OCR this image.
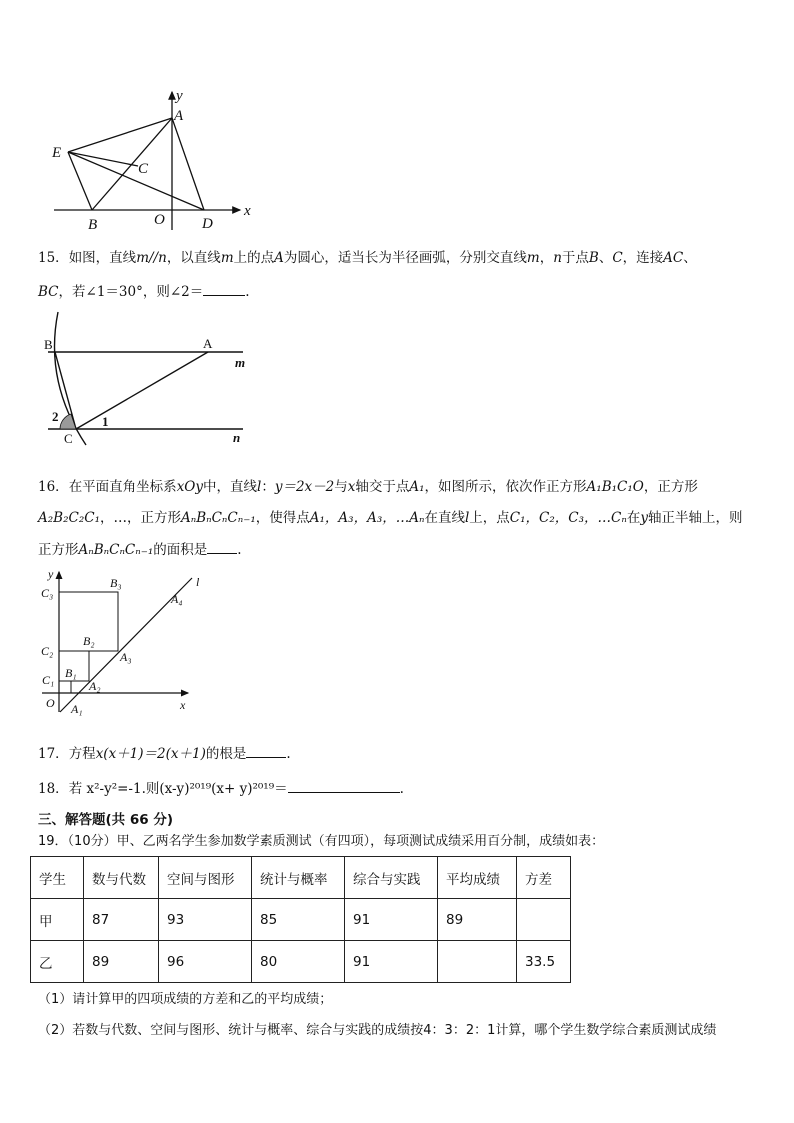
y
A
E
C
B	O D
x
15．如图，直线m//n，以直线m上的点A为圆心，适当长为半径画弧，分别交直线m，n于点B、C，连接AC、
BC，若∠1＝30°，则∠2＝	.
B	A
m
n
C
1
2
16．在平面直角坐标系xOy中，直线l：y＝2x－2与x轴交于点A₁，如图所示，依次作正方形A₁B₁C₁O，正方形
A₂B₂C₂C₁，…，正方形AₙBₙCₙCₙ₋₁，使得点A₁，A₃，A₃，…Aₙ在直线l上，点C₁，C₂，C₃，…Cₙ在y轴正半轴上，则
正方形AₙBₙCₙCₙ₋₁的面积是 .
y
l
C₃
B₃
A₄
C₂
B₂
A₃
C₁ B₁
A₂
O A₁	x
17．方程x(x＋1)＝2(x＋1)的根是	.
18．若 x²-y²=-1.则(x-y)²⁰¹⁹(x+ y)²⁰¹⁹＝	.
三、解答题(共 66 分)
19．（10分）甲、乙两名学生参加数学素质测试（有四项），每项测试成绩采用百分制，成绩如表：
学生	数与代数	空间与图形	统计与概率	综合与实践	平均成绩	方差
甲	87	93	85	91	89	
乙	89	96	80	91		33.5
（1）请计算甲的四项成绩的方差和乙的平均成绩；
（2）若数与代数、空间与图形、统计与概率、综合与实践的成绩按4：3：2：1计算，哪个学生数学综合素质测试成绩
